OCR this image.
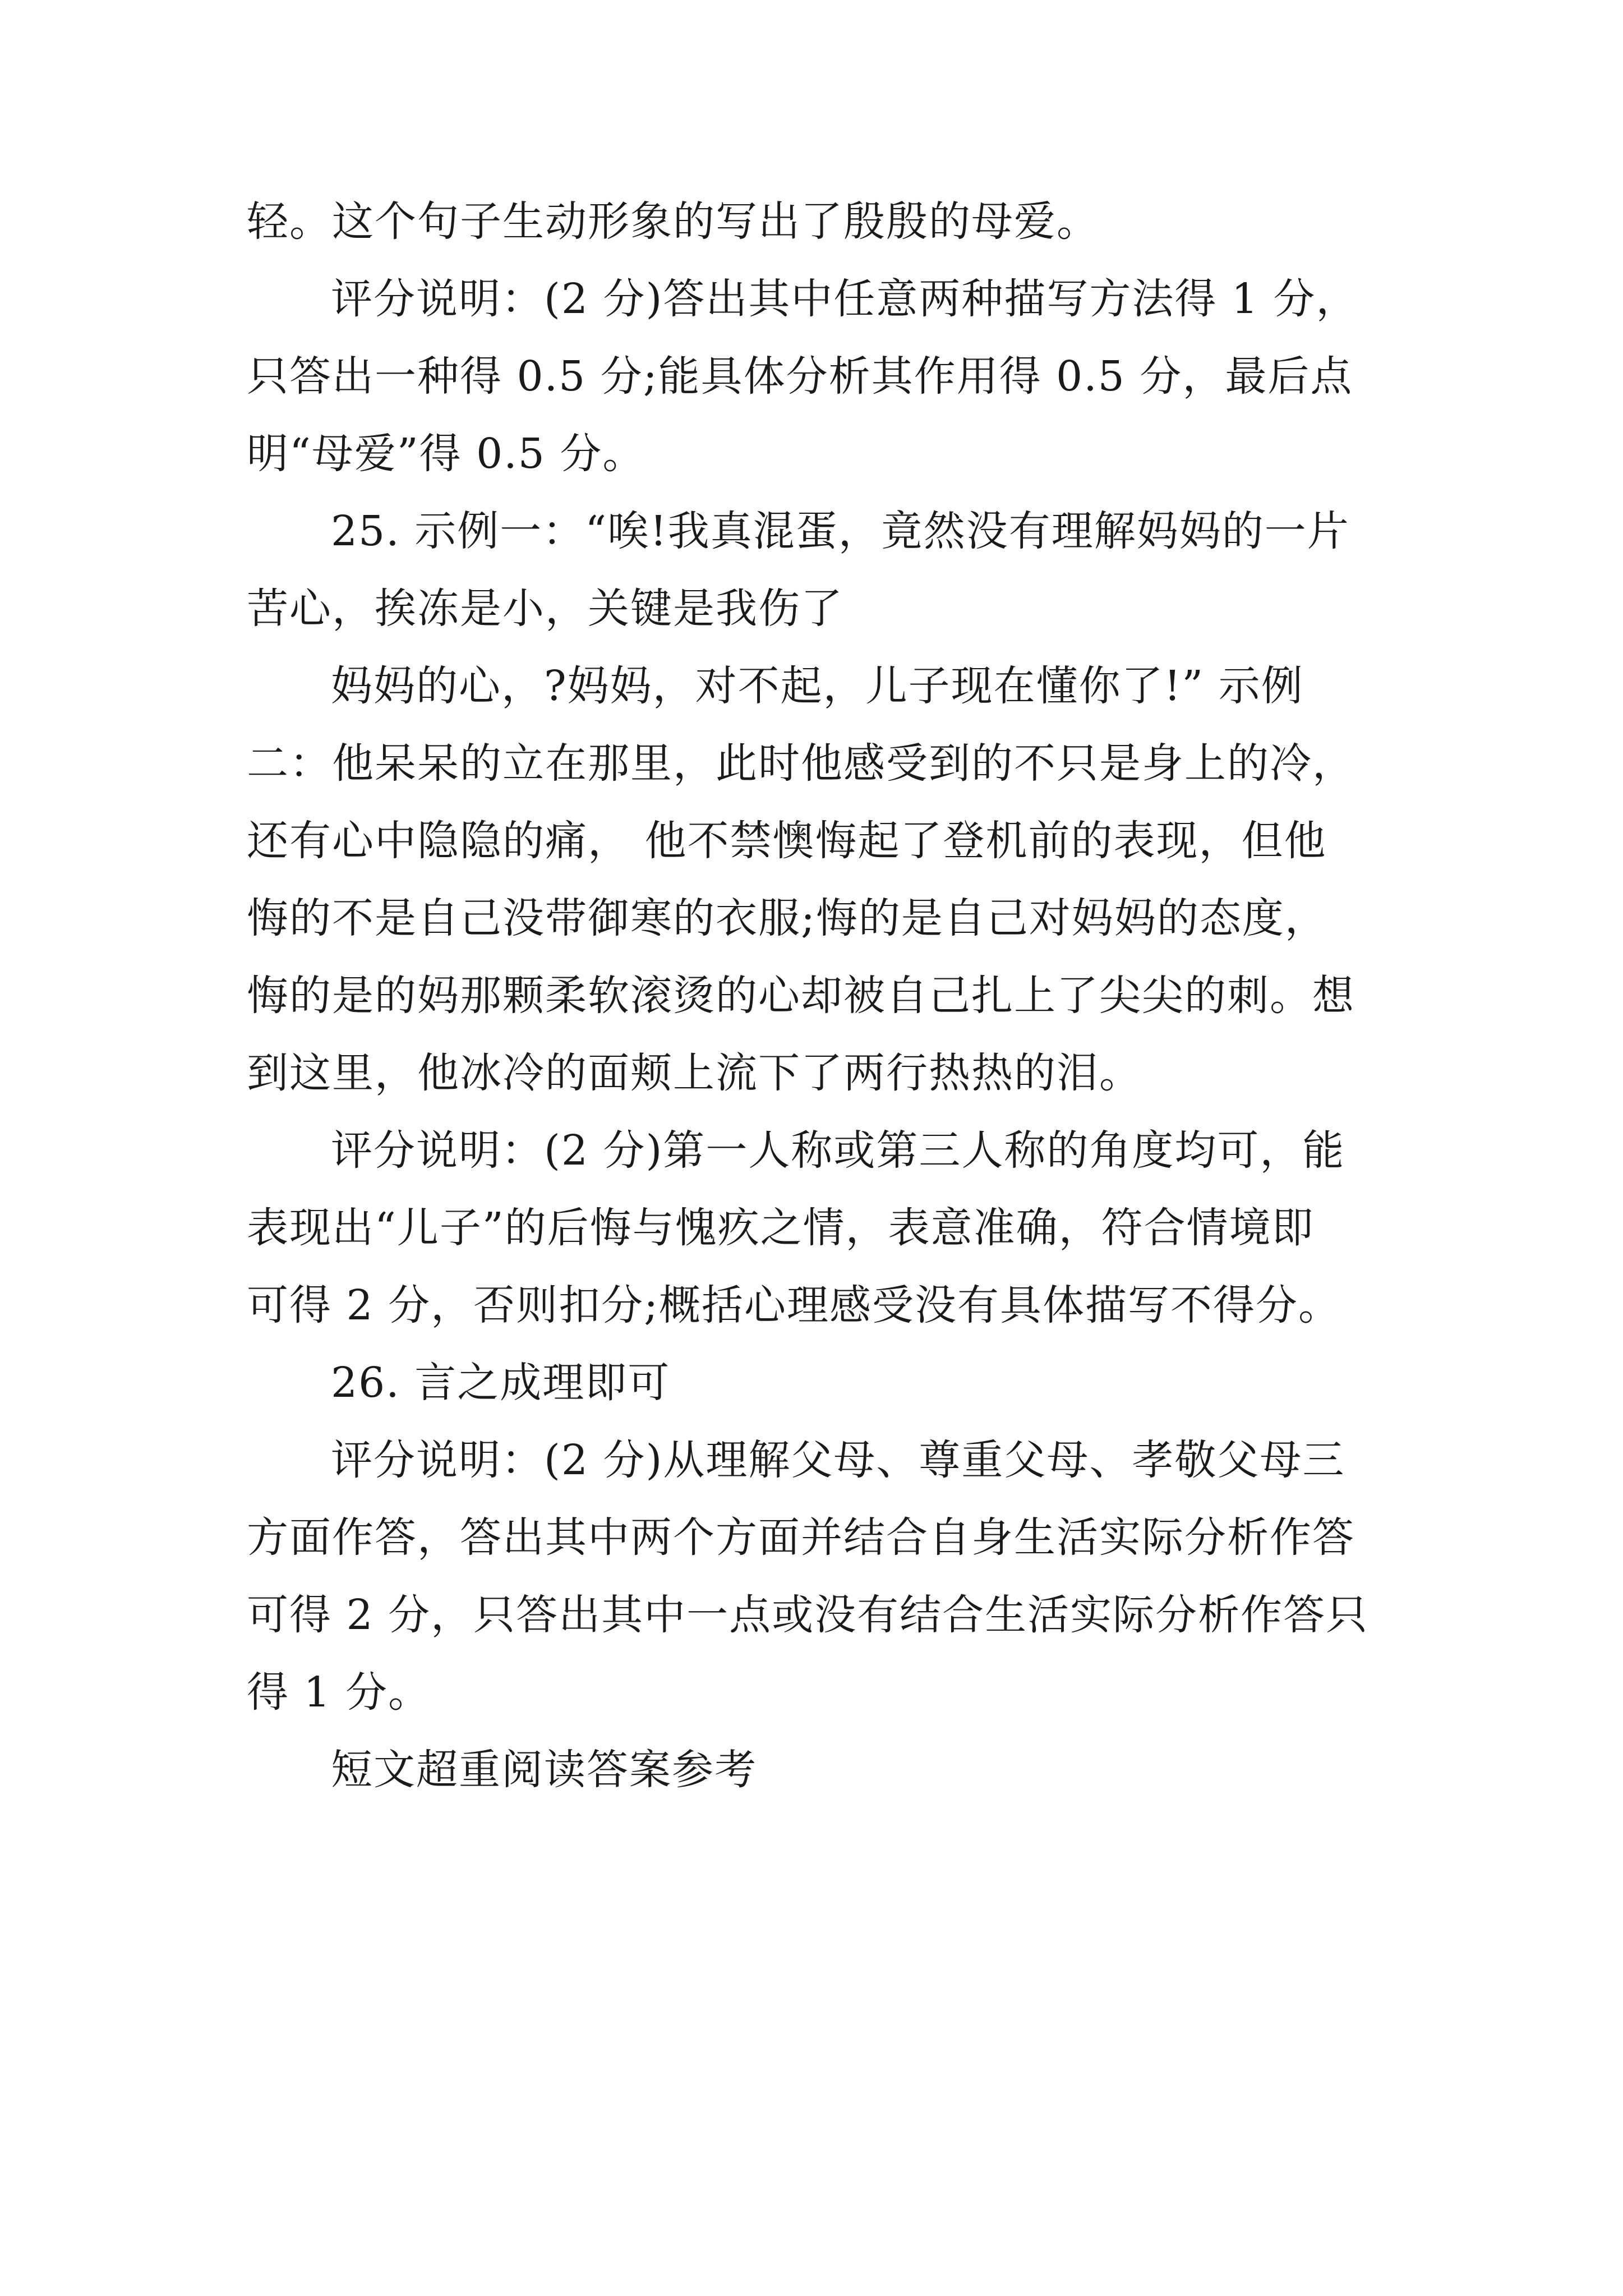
轻。这个句子生动形象的写出了殷殷的母爱。
评分说明：(2 分)答出其中任意两种描写方法得 1 分，
只答出一种得 0.5 分;能具体分析其作用得 0.5 分，最后点
明“母爱”得 0.5 分。
25. 示例一：“唉!我真混蛋，竟然没有理解妈妈的一片
苦心，挨冻是小，关键是我伤了
妈妈的心，?妈妈，对不起，儿子现在懂你了!” 示例
二：他呆呆的立在那里，此时他感受到的不只是身上的冷，
还有心中隐隐的痛， 他不禁懊悔起了登机前的表现，但他
悔的不是自己没带御寒的衣服;悔的是自己对妈妈的态度，
悔的是的妈那颗柔软滚烫的心却被自己扎上了尖尖的刺。想
到这里，他冰冷的面颊上流下了两行热热的泪。
评分说明：(2 分)第一人称或第三人称的角度均可，能
表现出“儿子”的后悔与愧疚之情，表意准确，符合情境即
可得 2 分，否则扣分;概括心理感受没有具体描写不得分。
26. 言之成理即可
评分说明：(2 分)从理解父母、尊重父母、孝敬父母三
方面作答，答出其中两个方面并结合自身生活实际分析作答
可得 2 分，只答出其中一点或没有结合生活实际分析作答只
得 1 分。
短文超重阅读答案参考
